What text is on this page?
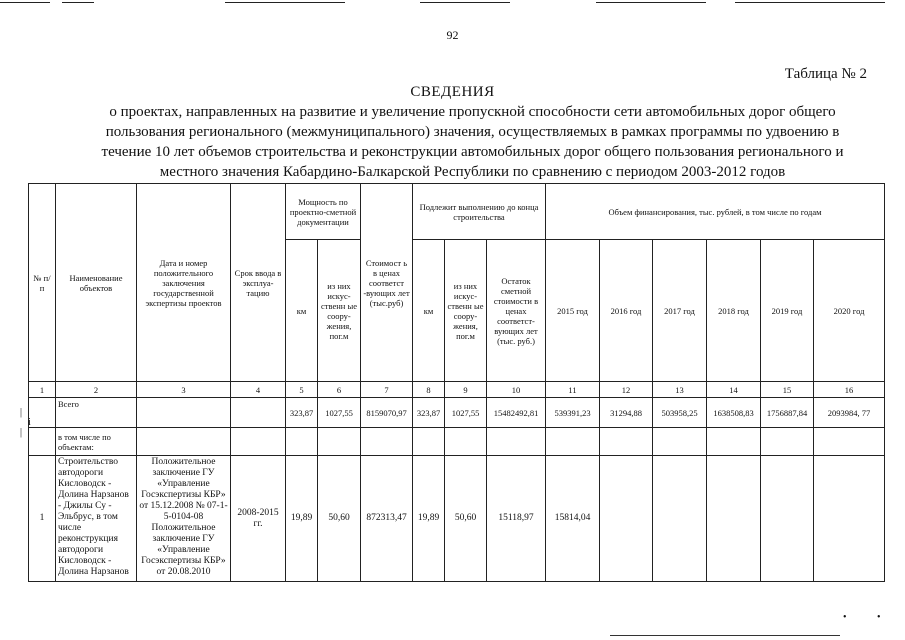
92
Таблица № 2
СВЕДЕНИЯ
о проектах, направленных на развитие и увеличение пропускной способности сети автомобильных дорог общего пользования регионального (межмуниципального) значения, осуществляемых в рамках программы по удвоению в течение 10 лет объемов строительства и реконструкции автомобильных дорог общего пользования регионального и местного значения Кабардино-Балкарской Республики по сравнению с периодом 2003-2012 годов
|
i
|
№ п/ п	Наименование объектов	Дата и номер положительного заключения государственной экспертизы проектов	Срок ввода в эксплуа-тацию	Мощность по проектно-сметной документации		Стоимост ь в ценах соответст -вующих лет (тыс.руб)	Подлежит выполнению до конца строительства			Объем финансирования, тыс. рублей, в том числе по годам					
				км	из них искус-ственн ые соору-жения, пог.м		км	из них искус-ственн ые соору-жения, пог.м	Остаток сметной стоимости в ценах соответст-вующих лет (тыс. руб.)	2015 год	2016 год	2017 год	2018 год	2019 год	2020 год
1	2	3	4	5	6	7	8	9	10	11	12	13	14	15	16
	Всего			323,87	1027,55	8159070,97	323,87	1027,55	15482492,81	539391,23	31294,88	503958,25	1638508,83	1756887,84	2093984, 77
	в том числе по объектам:														
1	Строительство автодороги Кисловодск - Долина Нарзанов - Джилы Су - Эльбрус, в том числе реконструкция автодороги Кисловодск - Долина Нарзанов	Положительное заключение ГУ «Управление Госэкспертизы КБР» от 15.12.2008 № 07-1-5-0104-08 Положительное заключение ГУ «Управление Госэкспертизы КБР» от 20.08.2010	2008-2015 гг.	19,89	50,60	872313,47	19,89	50,60	15118,97	15814,04					
•	•
